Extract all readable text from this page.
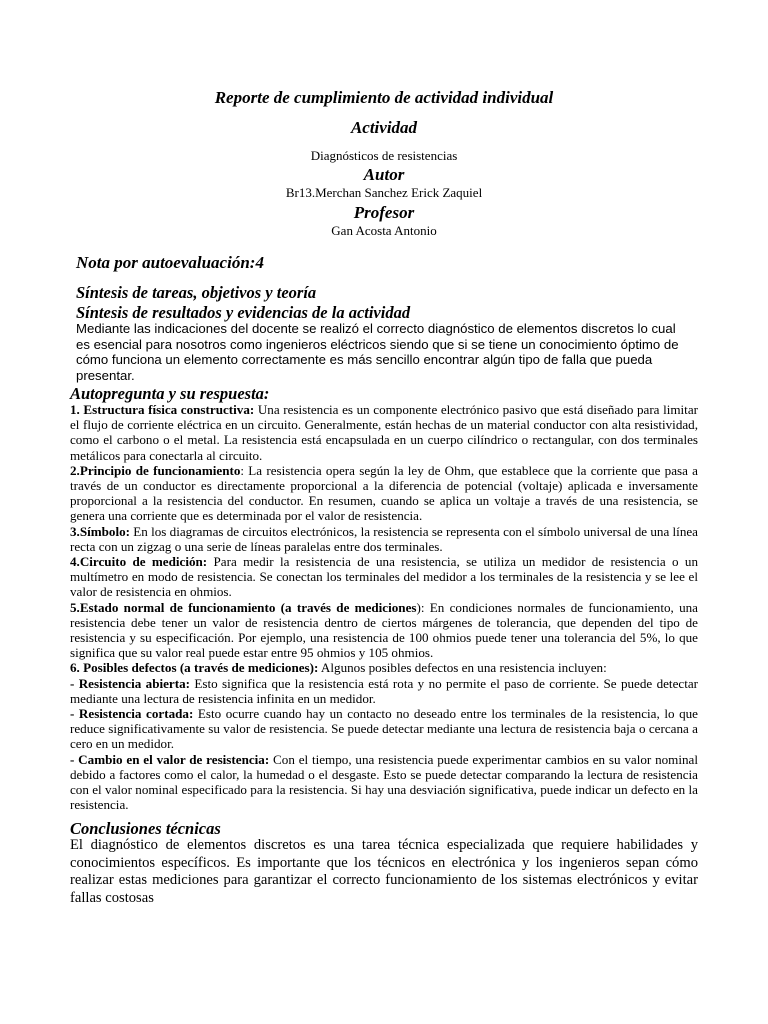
Reporte de cumplimiento de actividad individual
Actividad
Diagnósticos de resistencias
Autor
Br13.Merchan Sanchez Erick Zaquiel
Profesor
Gan Acosta Antonio
Nota por autoevaluación:4
Síntesis de tareas, objetivos y teoría
Síntesis de resultados y evidencias de la actividad
Mediante las indicaciones del docente se realizó el correcto diagnóstico de elementos discretos lo cual es esencial para nosotros como ingenieros eléctricos siendo que si se tiene un conocimiento óptimo de cómo funciona un elemento correctamente es más sencillo encontrar algún tipo de falla que pueda presentar.
Autopregunta y su respuesta:

1. Estructura física constructiva: Una resistencia es un componente electrónico pasivo que está diseñado para limitar el flujo de corriente eléctrica en un circuito. Generalmente, están hechas de un material conductor con alta resistividad, como el carbono o el metal. La resistencia está encapsulada en un cuerpo cilíndrico o rectangular, con dos terminales metálicos para conectarla al circuito.

2.Principio de funcionamiento: La resistencia opera según la ley de Ohm, que establece que la corriente que pasa a través de un conductor es directamente proporcional a la diferencia de potencial (voltaje) aplicada e inversamente proporcional a la resistencia del conductor. En resumen, cuando se aplica un voltaje a través de una resistencia, se genera una corriente que es determinada por el valor de resistencia.

3.Símbolo: En los diagramas de circuitos electrónicos, la resistencia se representa con el símbolo universal de una línea recta con un zigzag o una serie de líneas paralelas entre dos terminales.

4.Circuito de medición: Para medir la resistencia de una resistencia, se utiliza un medidor de resistencia o un multímetro en modo de resistencia. Se conectan los terminales del medidor a los terminales de la resistencia y se lee el valor de resistencia en ohmios.

5.Estado normal de funcionamiento (a través de mediciones): En condiciones normales de funcionamiento, una resistencia debe tener un valor de resistencia dentro de ciertos márgenes de tolerancia, que dependen del tipo de resistencia y su especificación. Por ejemplo, una resistencia de 100 ohmios puede tener una tolerancia del 5%, lo que significa que su valor real puede estar entre 95 ohmios y 105 ohmios.

6. Posibles defectos (a través de mediciones): Algunos posibles defectos en una resistencia incluyen:

- Resistencia abierta: Esto significa que la resistencia está rota y no permite el paso de corriente. Se puede detectar mediante una lectura de resistencia infinita en un medidor.

- Resistencia cortada: Esto ocurre cuando hay un contacto no deseado entre los terminales de la resistencia, lo que reduce significativamente su valor de resistencia. Se puede detectar mediante una lectura de resistencia baja o cercana a cero en un medidor.

- Cambio en el valor de resistencia: Con el tiempo, una resistencia puede experimentar cambios en su valor nominal debido a factores como el calor, la humedad o el desgaste. Esto se puede detectar comparando la lectura de resistencia con el valor nominal especificado para la resistencia. Si hay una desviación significativa, puede indicar un defecto en la resistencia.

Conclusiones técnicas
El diagnóstico de elementos discretos es una tarea técnica especializada que requiere habilidades y conocimientos específicos. Es importante que los técnicos en electrónica y los ingenieros sepan cómo realizar estas mediciones para garantizar el correcto funcionamiento de los sistemas electrónicos y evitar fallas costosas
